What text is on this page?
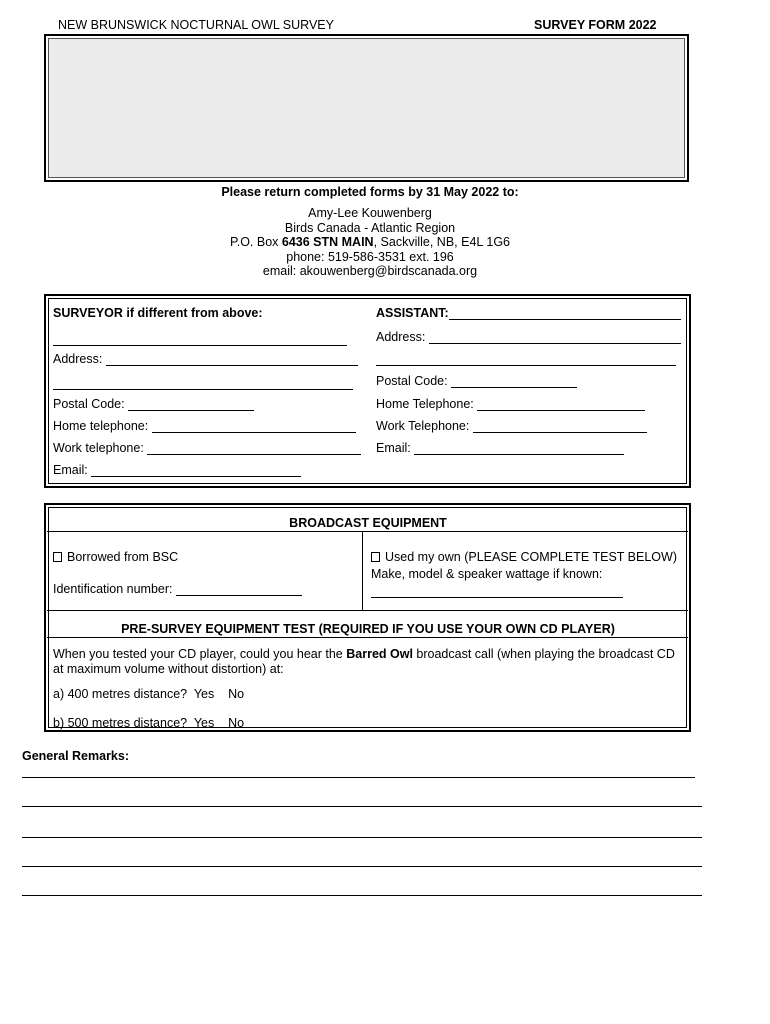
NEW BRUNSWICK NOCTURNAL OWL SURVEY	SURVEY FORM 2022
Please return completed forms by 31 May 2022 to:
Amy-Lee Kouwenberg
Birds Canada - Atlantic Region
P.O. Box 6436 STN MAIN, Sackville, NB, E4L 1G6
phone: 519-586-3531 ext. 196
email: akouwenberg@birdscanada.org
SURVEYOR if different from above:
Address:
Postal Code:
Home telephone:
Work telephone:
Email:
ASSISTANT:
Address:
Postal Code:
Home Telephone:
Work Telephone:
Email:
BROADCAST EQUIPMENT
Borrowed from BSC
Identification number:
Used my own (PLEASE COMPLETE TEST BELOW)
Make, model & speaker wattage if known:
PRE-SURVEY EQUIPMENT TEST (REQUIRED IF YOU USE YOUR OWN CD PLAYER)
When you tested your CD player, could you hear the Barred Owl broadcast call (when playing the broadcast CD
at maximum volume without distortion) at:
a) 400 metres distance? Yes No
b) 500 metres distance? Yes No
General Remarks:
